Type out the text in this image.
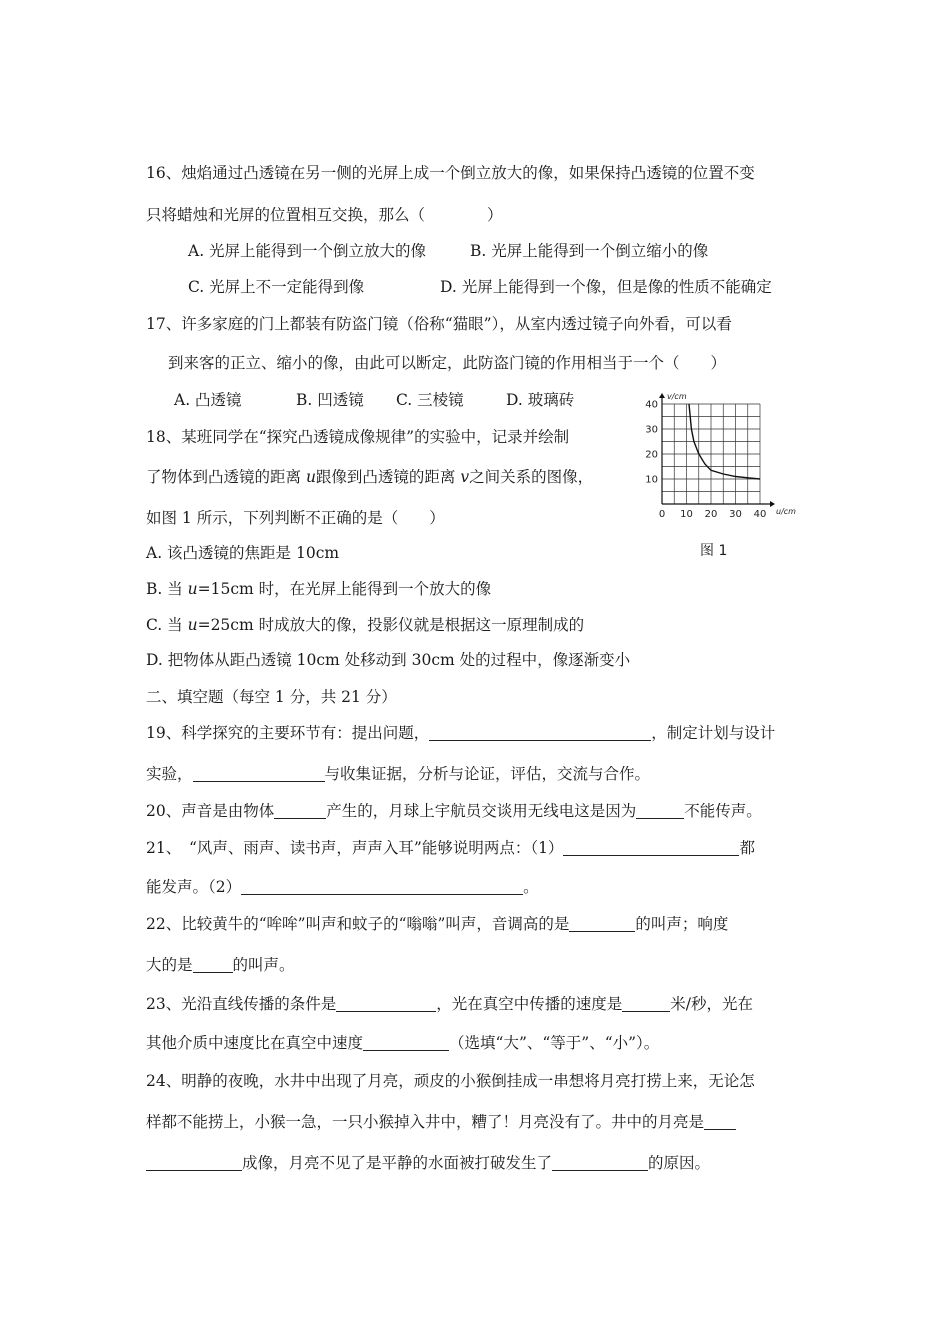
16、烛焰通过凸透镜在另一侧的光屏上成一个倒立放大的像，如果保持凸透镜的位置不变
只将蜡烛和光屏的位置相互交换，那么（　　　　）
A. 光屏上能得到一个倒立放大的像	B. 光屏上能得到一个倒立缩小的像
C. 光屏上不一定能得到像	D. 光屏上能得到一个像，但是像的性质不能确定
17、许多家庭的门上都装有防盗门镜（俗称“猫眼”），从室内透过镜子向外看，可以看
到来客的正立、缩小的像，由此可以断定，此防盗门镜的作用相当于一个（　　）
A. 凸透镜	B. 凹透镜 C. 三棱镜	D. 玻璃砖
18、某班同学在“探究凸透镜成像规律”的实验中，记录并绘制
了物体到凸透镜的距离 u跟像到凸透镜的距离 v之间关系的图像，
如图 1 所示，下列判断不正确的是（　　）
A. 该凸透镜的焦距是 10cm
B. 当 u=15cm 时，在光屏上能得到一个放大的像
C. 当 u=25cm 时成放大的像，投影仪就是根据这一原理制成的
D. 把物体从距凸透镜 10cm 处移动到 30cm 处的过程中，像逐渐变小
0 10 20 30 40
10
20
30
40
u/cm
v/cm
图 1
二、填空题（每空 1 分，共 21 分）
19、科学探究的主要环节有：提出问题，	，制定计划与设计
实验，	与收集证据，分析与论证，评估，交流与合作。
20、声音是由物体	产生的，月球上宇航员交谈用无线电这是因为	不能传声。
21、　“风声、雨声、读书声，声声入耳”能够说明两点：（1）	都
能发声。（2）	。
22、比较黄牛的“哞哞”叫声和蚊子的“嗡嗡”叫声，音调高的是	的叫声；响度
大的是	的叫声。
23、光沿直线传播的条件是	，光在真空中传播的速度是	米/秒，光在
其他介质中速度比在真空中速度	（选填“大”、“等于”、“小”）。
24、明静的夜晚，水井中出现了月亮，顽皮的小猴倒挂成一串想将月亮打捞上来，无论怎
样都不能捞上，小猴一急，一只小猴掉入井中，糟了！月亮没有了。井中的月亮是
成像，月亮不见了是平静的水面被打破发生了	的原因。
